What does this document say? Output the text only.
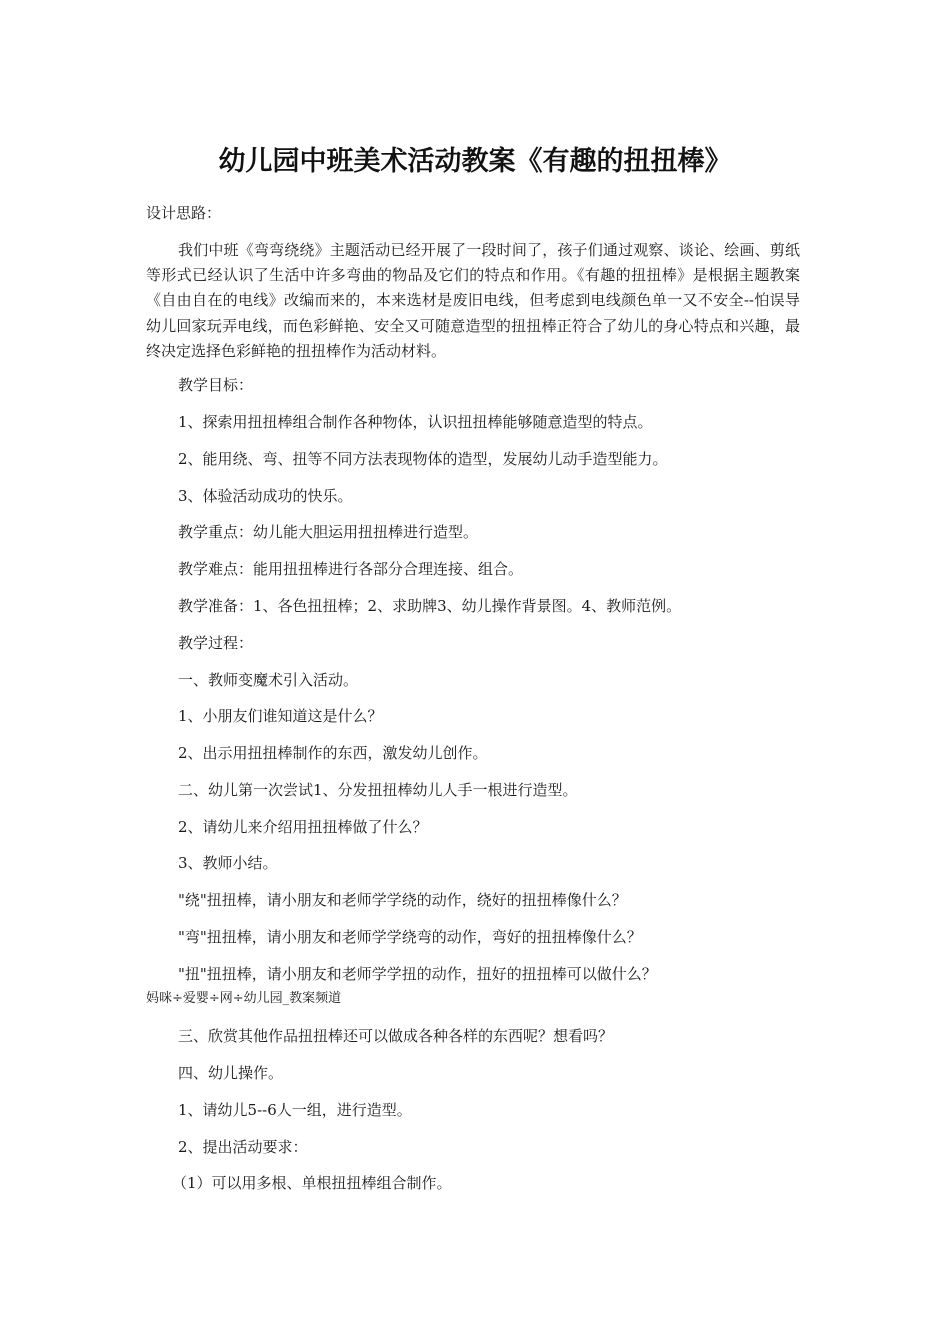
幼儿园中班美术活动教案《有趣的扭扭棒》

设计思路：

我们中班《弯弯绕绕》主题活动已经开展了一段时间了，孩子们通过观察、谈论、绘画、剪纸等形式已经认识了生活中许多弯曲的物品及它们的特点和作用。《有趣的扭扭棒》是根据主题教案《自由自在的电线》改编而来的，本来选材是废旧电线，但考虑到电线颜色单一又不安全--怕误导幼儿回家玩弄电线，而色彩鲜艳、安全又可随意造型的扭扭棒正符合了幼儿的身心特点和兴趣，最终决定选择色彩鲜艳的扭扭棒作为活动材料。

教学目标：

1、探索用扭扭棒组合制作各种物体，认识扭扭棒能够随意造型的特点。

2、能用绕、弯、扭等不同方法表现物体的造型，发展幼儿动手造型能力。

3、体验活动成功的快乐。

教学重点：幼儿能大胆运用扭扭棒进行造型。

教学难点：能用扭扭棒进行各部分合理连接、组合。

教学准备：1、各色扭扭棒；2、求助牌3、幼儿操作背景图。4、教师范例。

教学过程：

一、教师变魔术引入活动。

1、小朋友们谁知道这是什么？

2、出示用扭扭棒制作的东西，激发幼儿创作。

二、幼儿第一次尝试1、分发扭扭棒幼儿人手一根进行造型。

2、请幼儿来介绍用扭扭棒做了什么？

3、教师小结。

"绕"扭扭棒，请小朋友和老师学学绕的动作，绕好的扭扭棒像什么？

"弯"扭扭棒，请小朋友和老师学学绕弯的动作，弯好的扭扭棒像什么？

"扭"扭扭棒，请小朋友和老师学学扭的动作，扭好的扭扭棒可以做什么？

妈咪÷爱婴÷网÷幼儿园_教案频道

三、欣赏其他作品扭扭棒还可以做成各种各样的东西呢？想看吗？

四、幼儿操作。

1、请幼儿5--6人一组，进行造型。

2、提出活动要求：

（1）可以用多根、单根扭扭棒组合制作。
